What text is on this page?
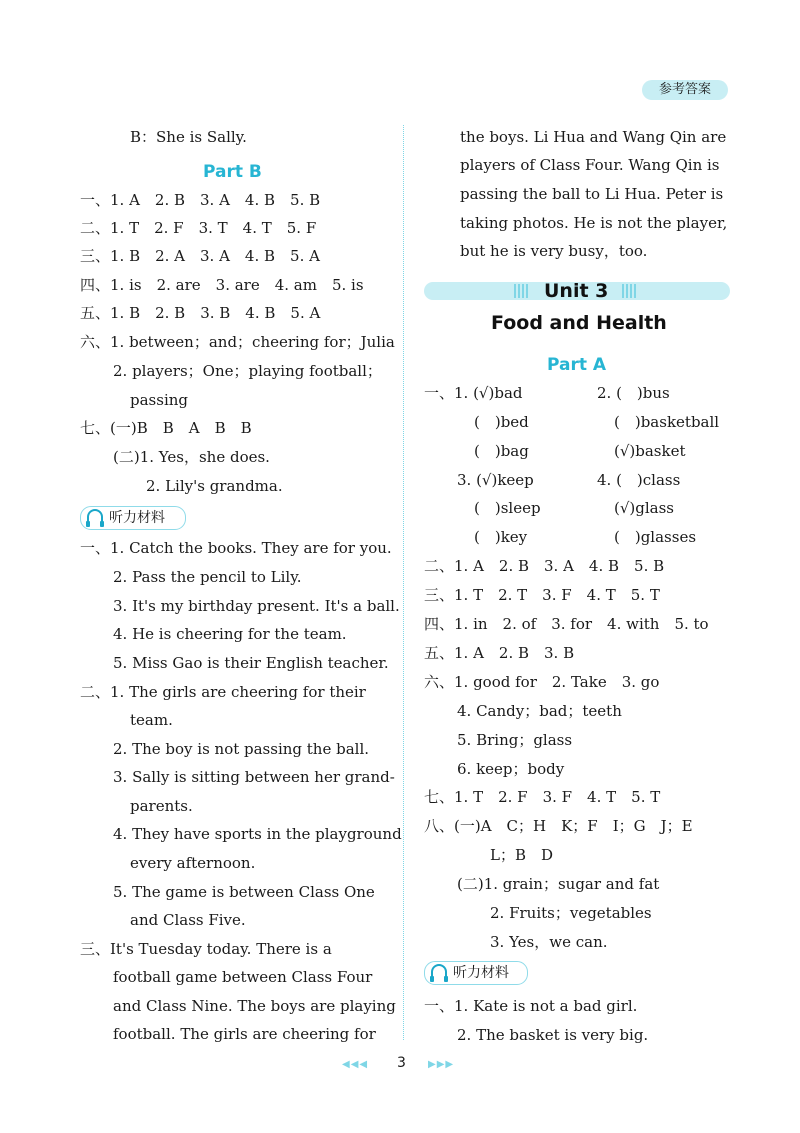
参考答案
B：She is Sally.
Part B
一、1. A　2. B　3. A　4. B　5. B
二、1. T　2. F　3. T　4. T　5. F
三、1. B　2. A　3. A　4. B　5. A
四、1. is　2. are　3. are　4. am　5. is
五、1. B　2. B　3. B　4. B　5. A
六、1. between；and；cheering for；Julia
2. players；One；playing football；
passing
七、(一)B　B　A　B　B
(二)1. Yes，she does.
2. Lily's grandma.
听力材料
一、1. Catch the books. They are for you.
2. Pass the pencil to Lily.
3. It's my birthday present. It's a ball.
4. He is cheering for the team.
5. Miss Gao is their English teacher.
二、1. The girls are cheering for their
team.
2. The boy is not passing the ball.
3. Sally is sitting between her grand-
parents.
4. They have sports in the playground
every afternoon.
5. The game is between Class One
and Class Five.
三、It's Tuesday today. There is a
football game between Class Four
and Class Nine. The boys are playing
football. The girls are cheering for
the boys. Li Hua and Wang Qin are
players of Class Four. Wang Qin is
passing the ball to Li Hua. Peter is
taking photos. He is not the player,
but he is very busy，too.
Unit 3
Food and Health
Part A
一、1. (√)bad	2. (　)bus
(　)bed	(　)basketball
(　)bag	(√)basket
3. (√)keep	4. (　)class
(　)sleep	(√)glass
(　)key	(　)glasses
二、1. A　2. B　3. A　4. B　5. B
三、1. T　2. T　3. F　4. T　5. T
四、1. in　2. of　3. for　4. with　5. to
五、1. A　2. B　3. B
六、1. good for　2. Take　3. go
4. Candy；bad；teeth
5. Bring；glass
6. keep；body
七、1. T　2. F　3. F　4. T　5. T
八、(一)A　C；H　K；F　I；G　J；E
L；B　D
(二)1. grain；sugar and fat
2. Fruits；vegetables
3. Yes，we can.
听力材料
一、1. Kate is not a bad girl.
2. The basket is very big.
◀◀◀ 3 ▶▶▶
